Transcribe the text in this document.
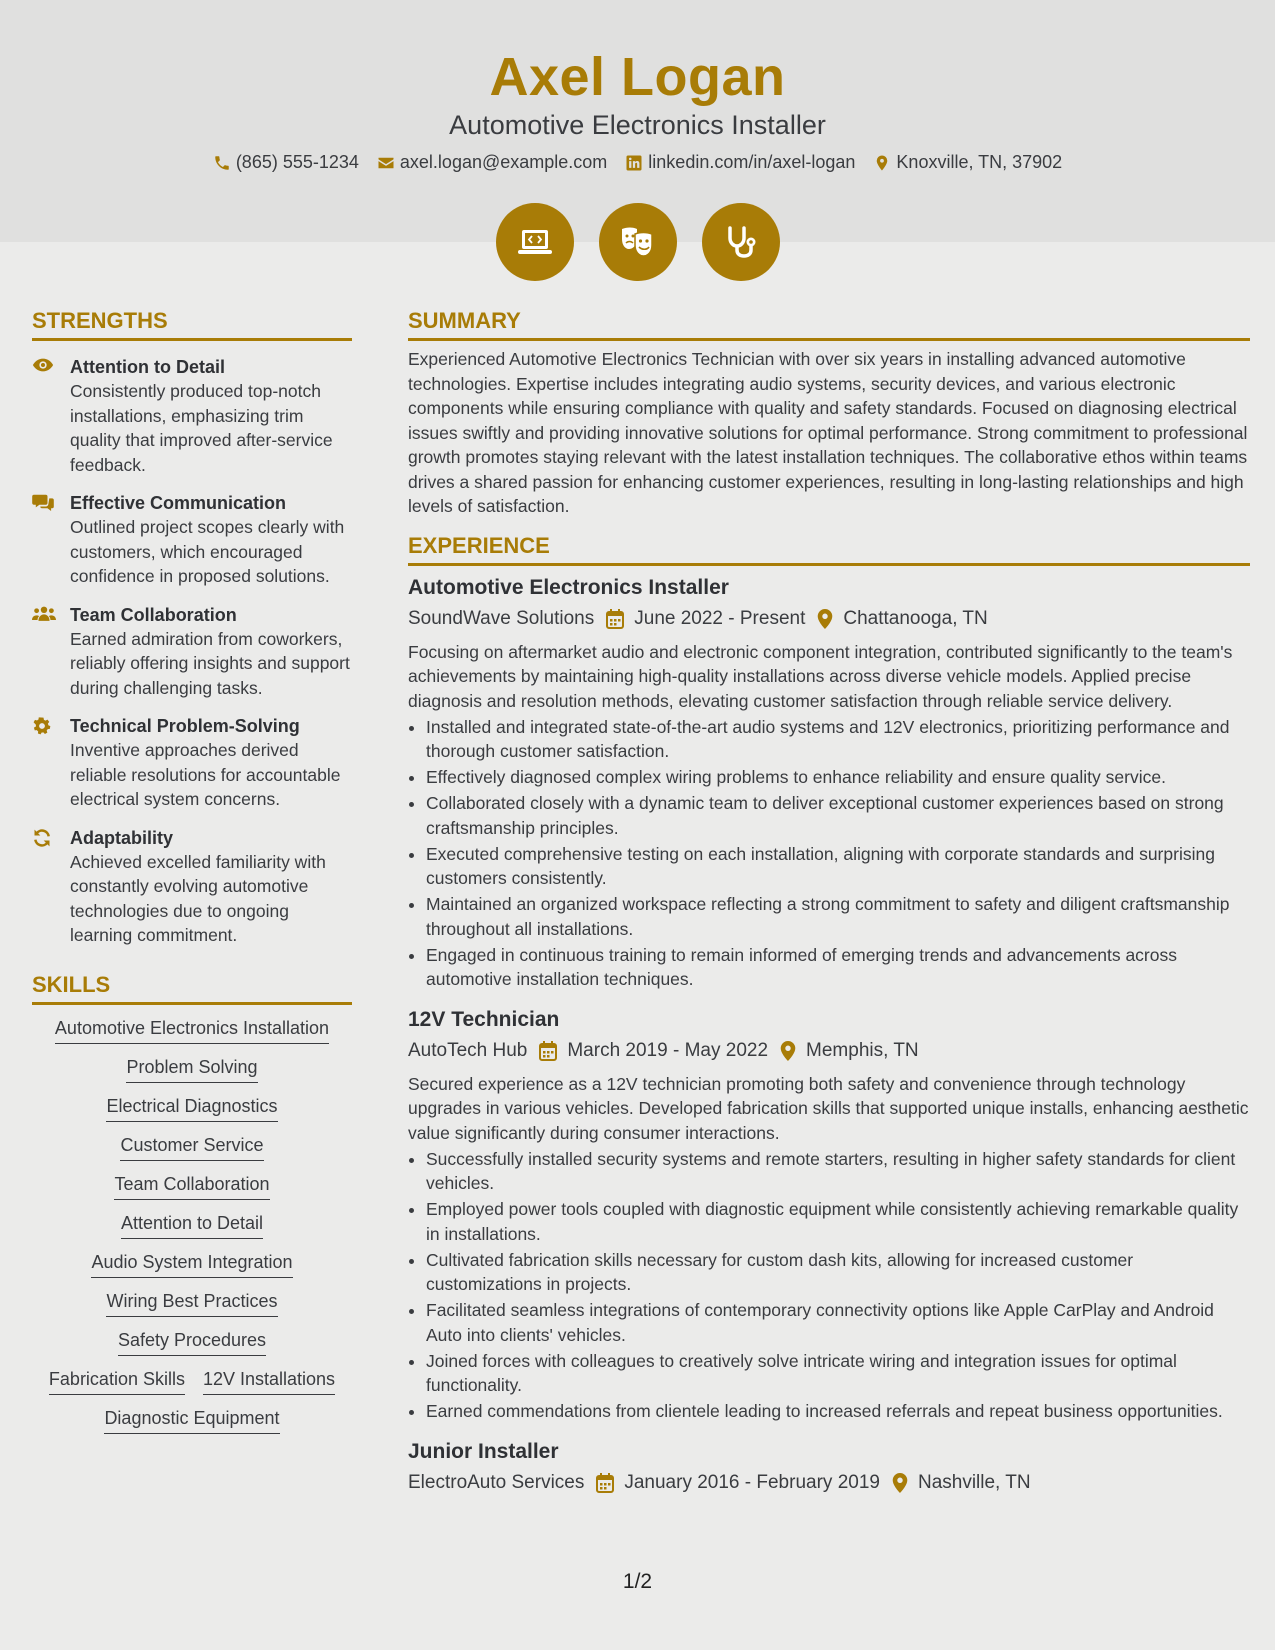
Axel Logan
Automotive Electronics Installer
(865) 555-1234 axel.logan@example.com linkedin.com/in/axel-logan Knoxville, TN, 37902
STRENGTHS
Attention to Detail

Consistently produced top-notch installations, emphasizing trim quality that improved after-service feedback.

Effective Communication

Outlined project scopes clearly with customers, which encouraged confidence in proposed solutions.

Team Collaboration

Earned admiration from coworkers, reliably offering insights and support during challenging tasks.

Technical Problem-Solving

Inventive approaches derived reliable resolutions for accountable electrical system concerns.

Adaptability

Achieved excelled familiarity with constantly evolving automotive technologies due to ongoing learning commitment.

SKILLS
Automotive Electronics Installation
Problem Solving
Electrical Diagnostics
Customer Service
Team Collaboration
Attention to Detail
Audio System Integration
Wiring Best Practices
Safety Procedures
Fabrication Skills 12V Installations
Diagnostic Equipment
SUMMARY

Experienced Automotive Electronics Technician with over six years in installing advanced automotive technologies. Expertise includes integrating audio systems, security devices, and various electronic components while ensuring compliance with quality and safety standards. Focused on diagnosing electrical issues swiftly and providing innovative solutions for optimal performance. Strong commitment to professional growth promotes staying relevant with the latest installation techniques. The collaborative ethos within teams drives a shared passion for enhancing customer experiences, resulting in long-lasting relationships and high levels of satisfaction.

EXPERIENCE
Automotive Electronics Installer
SoundWave Solutions June 2022 - Present Chattanooga, TN

Focusing on aftermarket audio and electronic component integration, contributed significantly to the team's achievements by maintaining high-quality installations across diverse vehicle models. Applied precise diagnosis and resolution methods, elevating customer satisfaction through reliable service delivery.

• Installed and integrated state-of-the-art audio systems and 12V electronics, prioritizing performance and thorough customer satisfaction.
• Effectively diagnosed complex wiring problems to enhance reliability and ensure quality service.
• Collaborated closely with a dynamic team to deliver exceptional customer experiences based on strong craftsmanship principles.
• Executed comprehensive testing on each installation, aligning with corporate standards and surprising customers consistently.
• Maintained an organized workspace reflecting a strong commitment to safety and diligent craftsmanship throughout all installations.
• Engaged in continuous training to remain informed of emerging trends and advancements across automotive installation techniques.
12V Technician
AutoTech Hub March 2019 - May 2022 Memphis, TN

Secured experience as a 12V technician promoting both safety and convenience through technology upgrades in various vehicles. Developed fabrication skills that supported unique installs, enhancing aesthetic value significantly during consumer interactions.

• Successfully installed security systems and remote starters, resulting in higher safety standards for client vehicles.
• Employed power tools coupled with diagnostic equipment while consistently achieving remarkable quality in installations.
• Cultivated fabrication skills necessary for custom dash kits, allowing for increased customer customizations in projects.
• Facilitated seamless integrations of contemporary connectivity options like Apple CarPlay and Android Auto into clients' vehicles.
• Joined forces with colleagues to creatively solve intricate wiring and integration issues for optimal functionality.
• Earned commendations from clientele leading to increased referrals and repeat business opportunities.
Junior Installer
ElectroAuto Services January 2016 - February 2019 Nashville, TN
1/2
